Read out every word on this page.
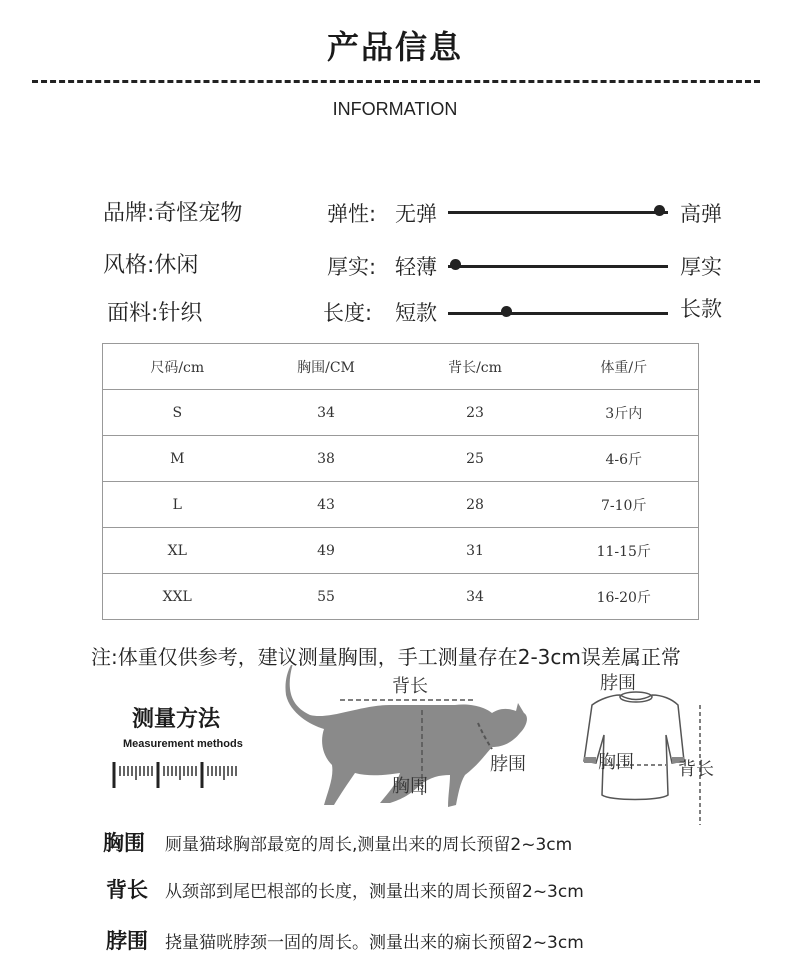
产品信息
INFORMATION
品牌:奇怪宠物
风格:休闲
面料:针织
弹性: 无弹	高弹
厚实: 轻薄	厚实
长度: 短款	长款
尺码/cm	胸围/CM	背长/cm	体重/斤
S	34	23	3斤内
M	38	25	4-6斤
L	43	28	7-10斤
XL	49	31	11-15斤
XXL	55	34	16-20斤
注:体重仅供参考，建议测量胸围，手工测量存在2-3cm误差属正常
测量方法
Measurement methods
背长
脖围
胸围
脖围
胸围 背长
胸围 厕量猫球胸部最宽的周长,测量出来的周长预留2~3cm
背长 从颈部到尾巴根部的长度，测量出来的周长预留2~3cm
脖围 挠量猫咣脖颈一固的周长。测量出来的痫长预留2~3cm
